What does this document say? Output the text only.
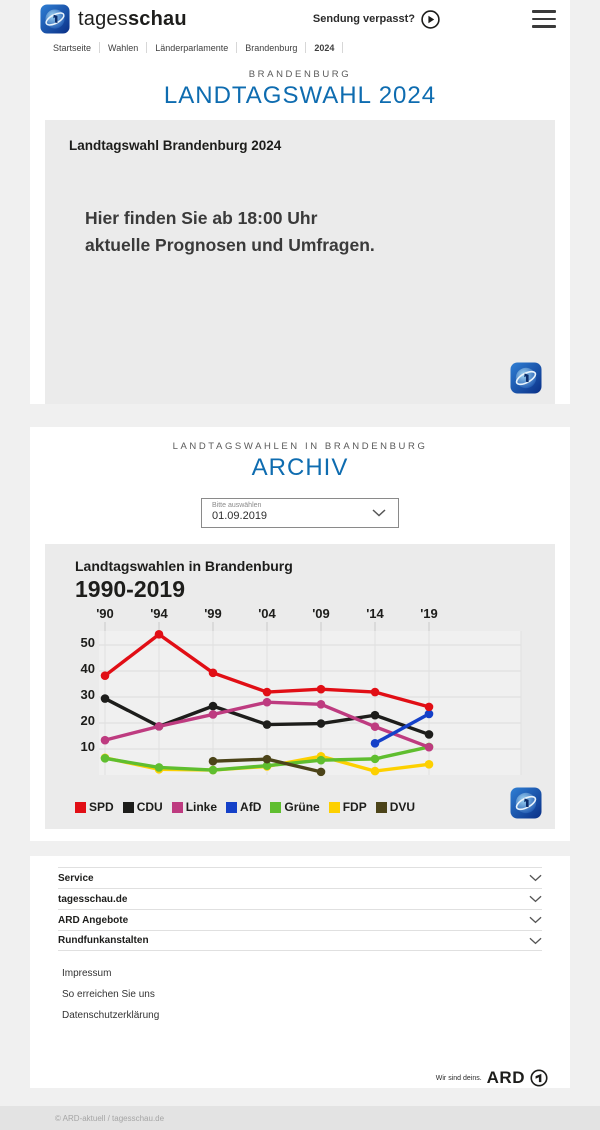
tagesschau	Sendung verpasst?
Startseite	Wahlen	Länderparlamente	Brandenburg	2024
BRANDENBURG
LANDTAGSWAHL 2024
Landtagswahl Brandenburg 2024
Hier finden Sie ab 18:00 Uhr
aktuelle Prognosen und Umfragen.
LANDTAGSWAHLEN IN BRANDENBURG
ARCHIV
Bitte auswählen
01.09.2019
Landtagswahlen in Brandenburg
1990-2019
10
20
30
40
50
'90	'94	'99	'04	'09	'14	'19
SPD CDU Linke AfD Grüne FDP DVU
Service
tagesschau.de
ARD Angebote
Rundfunkanstalten
Impressum
So erreichen Sie uns
Datenschutzerklärung
Wir sind deins. ARD
© ARD-aktuell / tagesschau.de
